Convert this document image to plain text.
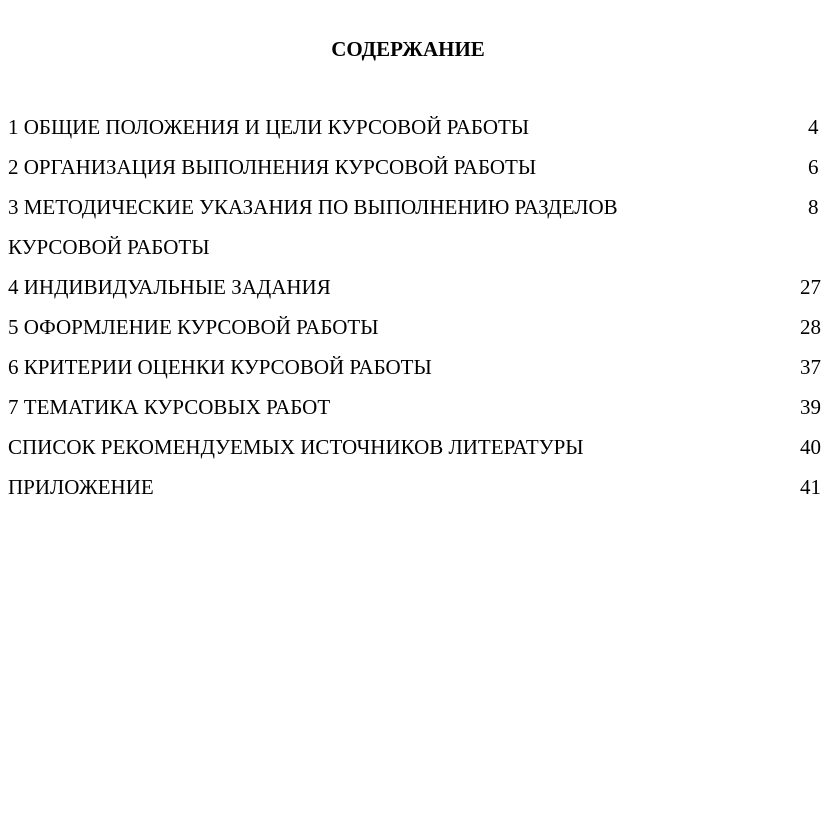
СОДЕРЖАНИЕ
1 ОБЩИЕ ПОЛОЖЕНИЯ И ЦЕЛИ КУРСОВОЙ РАБОТЫ	4
2 ОРГАНИЗАЦИЯ ВЫПОЛНЕНИЯ КУРСОВОЙ РАБОТЫ	6
3 МЕТОДИЧЕСКИЕ УКАЗАНИЯ ПО ВЫПОЛНЕНИЮ РАЗДЕЛОВ	8
КУРСОВОЙ РАБОТЫ
4 ИНДИВИДУАЛЬНЫЕ ЗАДАНИЯ	27
5 ОФОРМЛЕНИЕ КУРСОВОЙ РАБОТЫ	28
6 КРИТЕРИИ ОЦЕНКИ КУРСОВОЙ РАБОТЫ	37
7 ТЕМАТИКА КУРСОВЫХ РАБОТ	39
СПИСОК РЕКОМЕНДУЕМЫХ ИСТОЧНИКОВ ЛИТЕРАТУРЫ	40
ПРИЛОЖЕНИЕ	41
